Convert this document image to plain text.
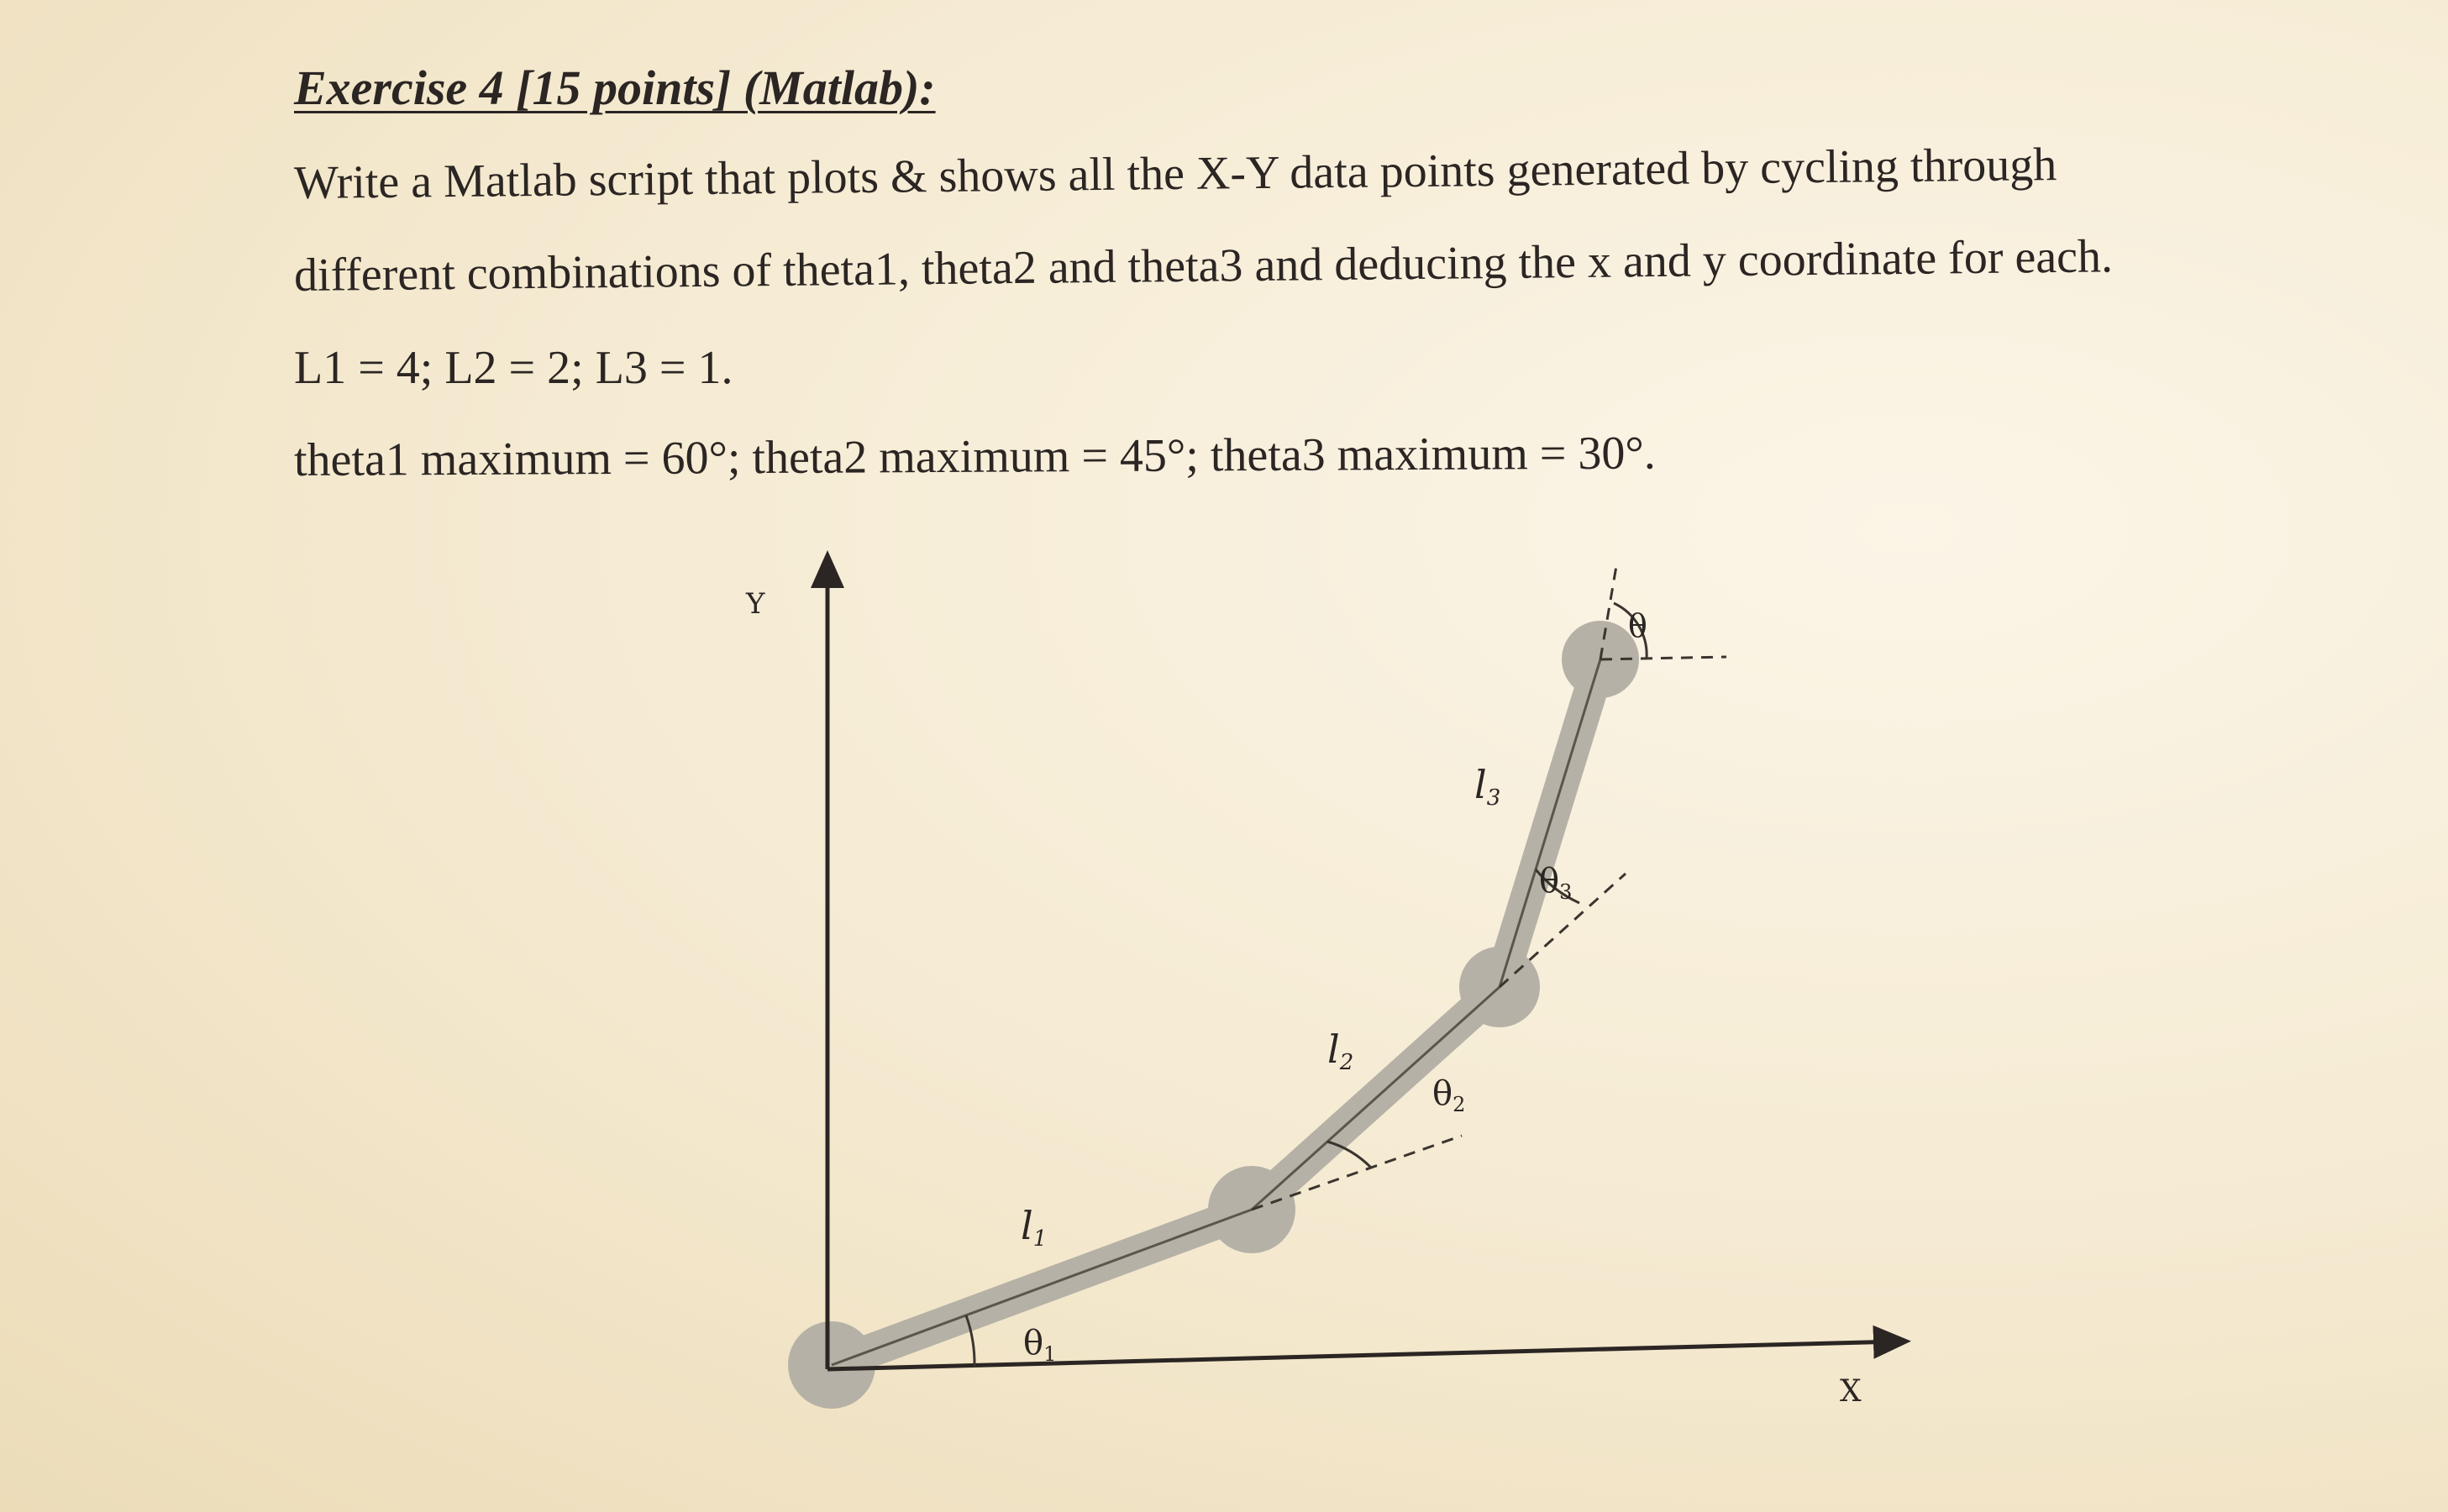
Exercise 4 [15 points] (Matlab):

Write a Matlab script that plots & shows all the X-Y data points generated by cycling through

different combinations of theta1, theta2 and theta3 and deducing the x and y coordinate for each.

L1 = 4; L2 = 2; L3 = 1.

theta1 maximum = 60°; theta2 maximum = 45°; theta3 maximum = 30°.

Y
X
l1
l2
l3
$\theta_1$
$\theta_2$
$\theta_3$
θ
